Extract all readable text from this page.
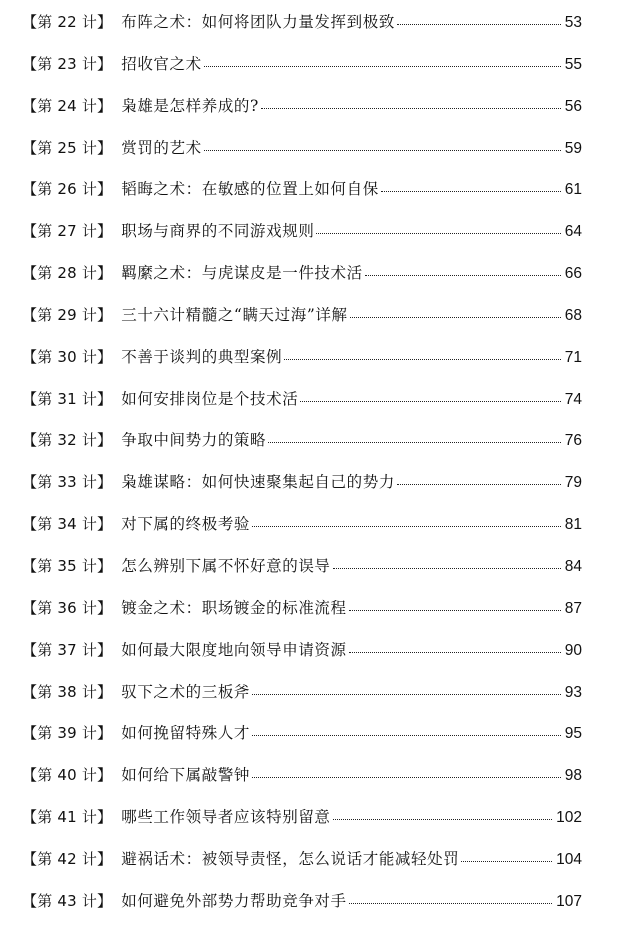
【第 22 计】 布阵之术：如何将团队力量发挥到极致	53
【第 23 计】 招收官之术	55
【第 24 计】 枭雄是怎样养成的?	56
【第 25 计】 赏罚的艺术	59
【第 26 计】 韬晦之术：在敏感的位置上如何自保	61
【第 27 计】 职场与商界的不同游戏规则	64
【第 28 计】 羁縻之术：与虎谋皮是一件技术活	66
【第 29 计】 三十六计精髓之“瞒天过海”详解	68
【第 30 计】 不善于谈判的典型案例	71
【第 31 计】 如何安排岗位是个技术活	74
【第 32 计】 争取中间势力的策略	76
【第 33 计】 枭雄谋略：如何快速聚集起自己的势力	79
【第 34 计】 对下属的终极考验	81
【第 35 计】 怎么辨别下属不怀好意的误导	84
【第 36 计】 镀金之术：职场镀金的标准流程	87
【第 37 计】 如何最大限度地向领导申请资源	90
【第 38 计】 驭下之术的三板斧	93
【第 39 计】 如何挽留特殊人才	95
【第 40 计】 如何给下属敲警钟	98
【第 41 计】 哪些工作领导者应该特别留意	102
【第 42 计】 避祸话术：被领导责怪，怎么说话才能减轻处罚	104
【第 43 计】 如何避免外部势力帮助竞争对手	107
